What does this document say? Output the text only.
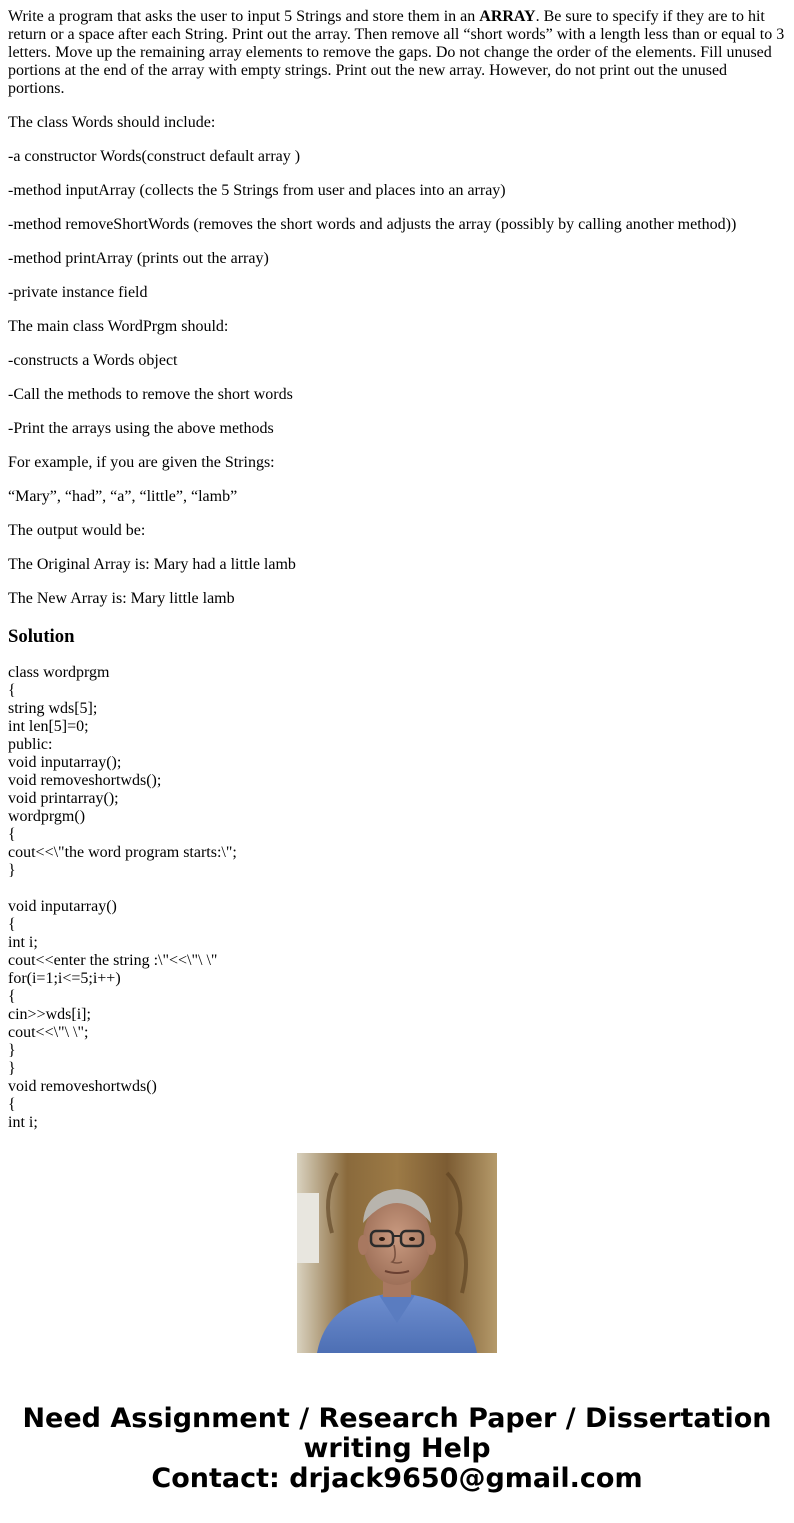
Write a program that asks the user to input 5 Strings and store them in an ARRAY. Be sure to specify if they are to hit return or a space after each String. Print out the array. Then remove all “short words” with a length less than or equal to 3 letters. Move up the remaining array elements to remove the gaps. Do not change the order of the elements. Fill unused portions at the end of the array with empty strings. Print out the new array. However, do not print out the unused portions.

The class Words should include:

-a constructor Words(construct default array )

-method inputArray (collects the 5 Strings from user and places into an array)

-method removeShortWords (removes the short words and adjusts the array (possibly by calling another method))

-method printArray (prints out the array)

-private instance field

The main class WordPrgm should:

-constructs a Words object

-Call the methods to remove the short words

-Print the arrays using the above methods

For example, if you are given the Strings:

“Mary”, “had”, “a”, “little”, “lamb”

The output would be:

The Original Array is: Mary had a little lamb

The New Array is: Mary little lamb

Solution
class wordprgm
{
string wds[5];
int len[5]=0;
public:
void inputarray();
void removeshortwds();
void printarray();
wordprgm()
{
cout<<\"the word program starts:\";
}
void inputarray()
{
int i;
cout<<enter the string :\"<<\"\ \"
for(i=1;i<=5;i++)
{
cin>>wds[i];
cout<<\"\ \";
}
}
void removeshortwds()
{
int i;
Need Assignment / Research Paper / Dissertation
writing Help
Contact: drjack9650@gmail.com
